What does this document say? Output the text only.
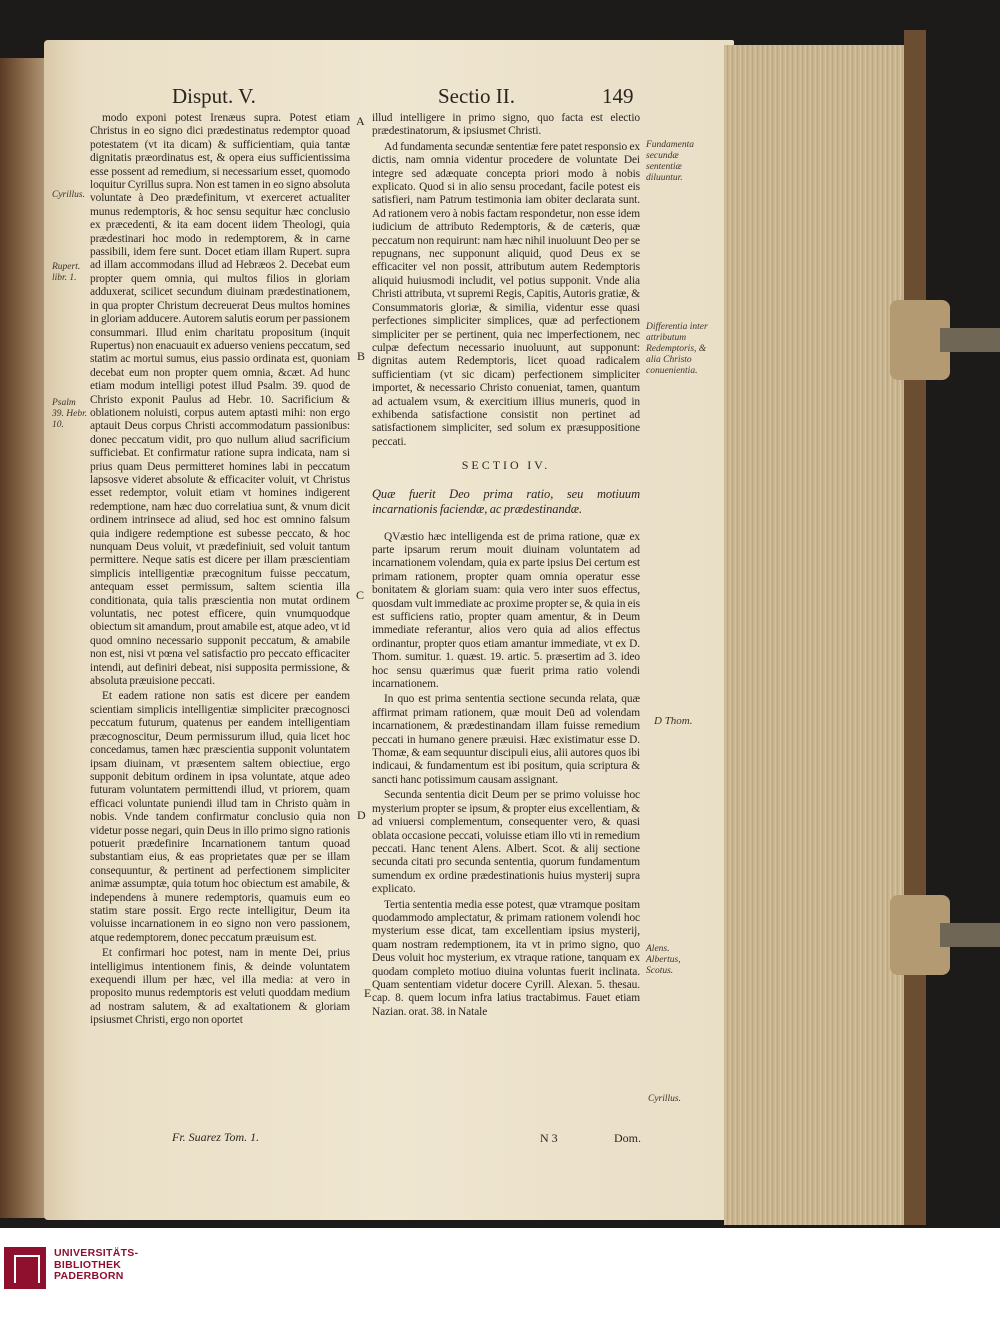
Disput. V.	Sectio II.	149

modo exponi potest Irenæus supra. Potest etiam Christus in eo signo dici prædestinatus redemptor quoad potestatem (vt ita dicam) & sufficientiam, quia tantæ dignitatis præordinatus est, & opera eius sufficientissima esse possent ad remedium, si necessarium esset, quomodo loquitur Cyrillus supra. Non est tamen in eo signo absoluta voluntate à Deo prædefinitum, vt exerceret actualiter munus redemptoris, & hoc sensu sequitur hæc conclusio ex præcedenti, & ita eam docent iidem Theologi, quia prædestinari hoc modo in redemptorem, & in carne passibili, idem fere sunt. Docet etiam illam Rupert. supra ad illam accommodans illud ad Hebræos 2. Decebat eum propter quem omnia, qui multos filios in gloriam adduxerat, scilicet secundum diuinam prædestinationem, in qua propter Christum decreuerat Deus multos homines in gloriam adducere. Autorem salutis eorum per passionem consummari. Illud enim charitatu propositum (inquit Rupertus) non enacuauit ex aduerso veniens peccatum, sed statim ac mortui sumus, eius passio ordinata est, quoniam decebat eum non propter quem omnia, &cæt. Ad hunc etiam modum intelligi potest illud Psalm. 39. quod de Christo exponit Paulus ad Hebr. 10. Sacrificium & oblationem noluisti, corpus autem aptasti mihi: non ergo aptauit Deus corpus Christi accommodatum passionibus: donec peccatum vidit, pro quo nullum aliud sacrificium sufficiebat. Et confirmatur ratione supra indicata, nam si prius quam Deus permitteret homines labi in peccatum lapsosve videret absolute & efficaciter voluit, vt Christus esset redemptor, voluit etiam vt homines indigerent redemptione, nam hæc duo correlatiua sunt, & vnum dicit ordinem intrinsece ad aliud, sed hoc est omnino falsum quia indigere redemptione est subesse peccato, & hoc nunquam Deus voluit, vt prædefiniuit, sed voluit tantum permittere. Neque satis est dicere per illam præscientiam simplicis intelligentiæ præcognitum fuisse peccatum, antequam esset permissum, saltem scientia illa conditionata, quia talis præscientia non mutat ordinem voluntatis, nec potest efficere, quin vnumquodque obiectum sit amandum, prout amabile est, atque adeo, vt id quod omnino necessario supponit peccatum, & amabile non est, nisi vt pœna vel satisfactio pro peccato efficaciter intendi, aut definiri debeat, nisi supposita permissione, & absoluta præuisione peccati.

Et eadem ratione non satis est dicere per eandem scientiam simplicis intelligentiæ simpliciter præcognosci peccatum futurum, quatenus per eandem intelligentiam præcognoscitur, Deum permissurum illud, quia licet hoc concedamus, tamen hæc præscientia supponit voluntatem ipsam diuinam, vt præsentem saltem obiectiue, ergo supponit debitum ordinem in ipsa voluntate, atque adeo futuram voluntatem permittendi illud, vt priorem, quam efficaci voluntate puniendi illud tam in Christo quàm in nobis. Vnde tandem confirmatur conclusio quia non videtur posse negari, quin Deus in illo primo signo rationis potuerit prædefinire Incarnationem tantum quoad substantiam eius, & eas proprietates quæ per se illam consequuntur, & pertinent ad perfectionem simpliciter animæ assumptæ, quia totum hoc obiectum est amabile, & independens à munere redemptoris, quamuis eum eo statim stare possit. Ergo recte intelligitur, Deum ita voluisse incarnationem in eo signo non vero passionem, atque redemptorem, donec peccatum præuisum est.

Et confirmari hoc potest, nam in mente Dei, prius intelligimus intentionem finis, & deinde voluntatem exequendi illum per hæc, vel illa media: at vero in proposito munus redemptoris est veluti quoddam medium ad nostram salutem, & ad exaltationem & gloriam ipsiusmet Christi, ergo non oportet

illud intelligere in primo signo, quo facta est electio prædestinatorum, & ipsiusmet Christi.

Ad fundamenta secundæ sententiæ fere patet responsio ex dictis, nam omnia videntur procedere de voluntate Dei integre sed adæquate concepta priori modo à nobis explicato. Quod si in alio sensu procedant, facile potest eis satisfieri, nam Patrum testimonia iam obiter declarata sunt. Ad rationem vero à nobis factam respondetur, non esse idem iudicium de attributo Redemptoris, & de cæteris, quæ peccatum non requirunt: nam hæc nihil inuoluunt Deo per se repugnans, nec supponunt aliquid, quod Deus ex se efficaciter vel non possit, attributum autem Redemptoris aliquid huiusmodi includit, vel potius supponit. Vnde alia Christi attributa, vt supremi Regis, Capitis, Autoris gratiæ, & Consummatoris gloriæ, & similia, videntur esse quasi perfectiones simpliciter simplices, quæ ad perfectionem simpliciter per se pertinent, quia nec imperfectionem, nec culpæ defectum necessario inuoluunt, aut supponunt: dignitas autem Redemptoris, licet quoad radicalem sufficientiam (vt sic dicam) perfectionem simpliciter importet, & necessario Christo conueniat, tamen, quantum ad actualem vsum, & exercitium illius muneris, quod in exhibenda satisfactione consistit non pertinet ad satisfactionem simpliciter, sed solum ex præsuppositione peccati.

SECTIO IV.

Quæ fuerit Deo prima ratio, seu motiuum incarnationis faciendæ, ac prædestinandæ.

QVæstio hæc intelligenda est de prima ratione, quæ ex parte ipsarum rerum mouit diuinam voluntatem ad incarnationem volendam, quia ex parte ipsius Dei certum est primam rationem, propter quam omnia operatur esse bonitatem & gloriam suam: quia vero inter suos effectus, quosdam vult immediate ac proxime propter se, & quia in eis est sufficiens ratio, propter quam amentur, & in Deum immediate referantur, alios vero quia ad alios effectus ordinantur, propter quos etiam amantur immediate, vt ex D. Thom. sumitur. 1. quæst. 19. artic. 5. præsertim ad 3. ideo hoc sensu quærimus quæ fuerit prima ratio volendi incarnationem.

In quo est prima sententia sectione secunda relata, quæ affirmat primam rationem, quæ mouit Deū ad volendam incarnationem, & prædestinandam illam fuisse remedium peccati in humano genere præuisi. Hæc existimatur esse D. Thomæ, & eam sequuntur discipuli eius, alii autores quos ibi indicaui, & fundamentum est ibi positum, quia scriptura & sancti hanc potissimum causam assignant.

Secunda sententia dicit Deum per se primo voluisse hoc mysterium propter se ipsum, & propter eius excellentiam, & ad vniuersi complementum, consequenter vero, & quasi oblata occasione peccati, voluisse etiam illo vti in remedium peccati. Hanc tenent Alens. Albert. Scot. & alij sectione secunda citati pro secunda sententia, quorum fundamentum sumendum ex ordine prædestinationis huius mysterij supra explicato.

Tertia sententia media esse potest, quæ vtramque positam quodammodo amplectatur, & primam rationem volendi hoc mysterium esse dicat, tam excellentiam ipsius mysterij, quam nostram redemptionem, ita vt in primo signo, quo Deus voluit hoc mysterium, ex vtraque ratione, tanquam ex quodam completo motiuo diuina voluntas fuerit inclinata. Quam sententiam videtur docere Cyrill. Alexan. 5. thesau. cap. 8. quem locum infra latius tractabimus. Fauet etiam Nazian. orat. 38. in Natale

Cyrillus.
Rupert. libr. 1.
Psalm 39. Hebr. 10.
Fundamenta secundæ sententiæ diluuntur.
Differentia inter attributum Redemptoris, & alia Christo conuenientia.
D Thom.
Alens. Albertus, Scotus.
Cyrillus.
A
B
C
D
E
Fr. Suarez Tom. 1.	N 3	Dom.
UNIVERSITÄTS-
BIBLIOTHEK
PADERBORN
